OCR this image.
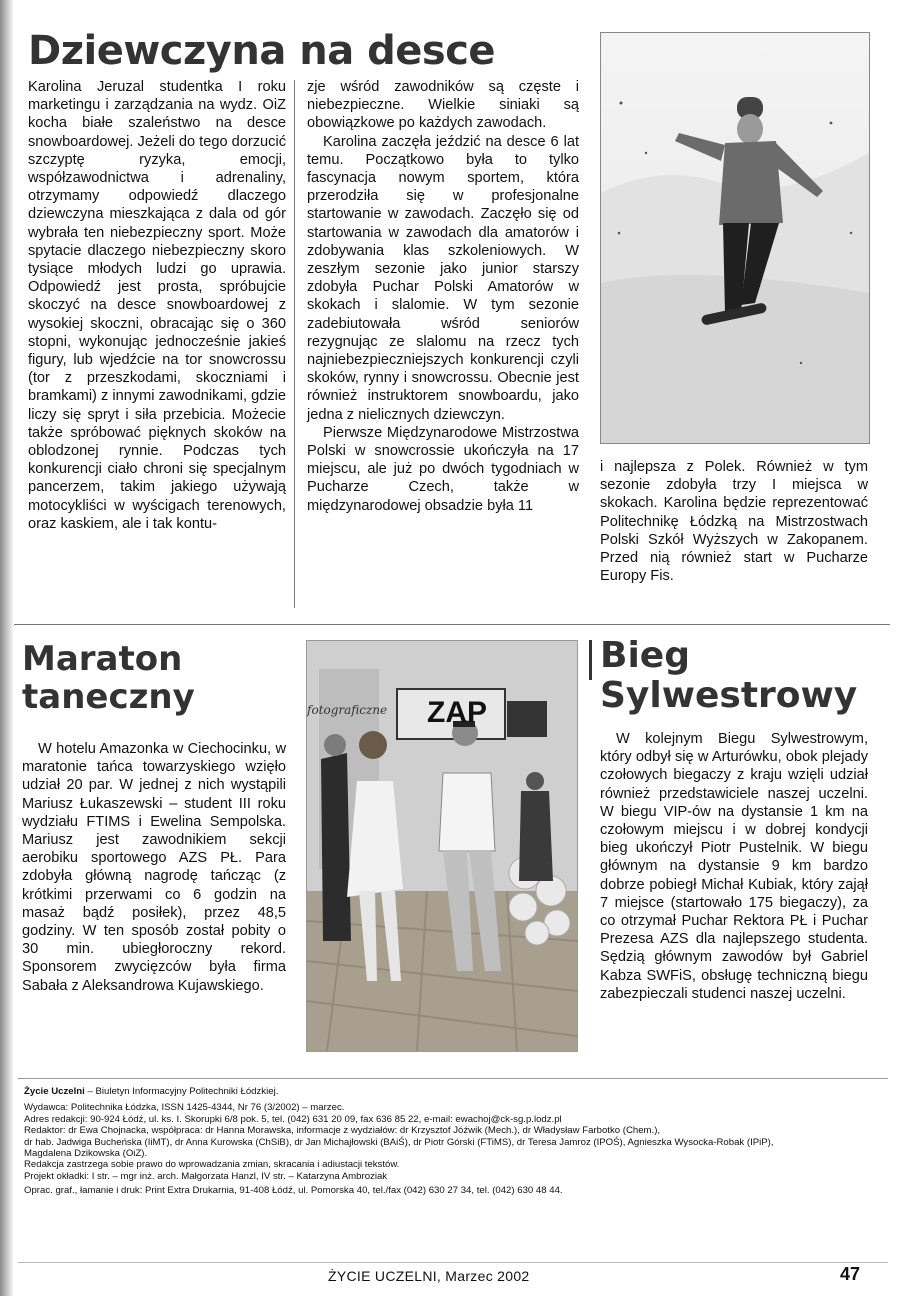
Dziewczyna na desce

Karolina Jeruzal studentka I roku marketingu i zarządzania na wydz. OiZ kocha białe szaleństwo na desce snowboardowej. Jeżeli do tego dorzucić szczyptę ryzyka, emocji, współzawodnictwa i adrenaliny, otrzymamy odpowiedź dlaczego dziewczyna mieszkająca z dala od gór wybrała ten niebezpieczny sport. Może spytacie dlaczego niebezpieczny skoro tysiące młodych ludzi go uprawia. Odpowiedź jest prosta, spróbujcie skoczyć na desce snowboardowej z wysokiej skoczni, obracając się o 360 stopni, wykonując jednocześnie jakieś figury, lub wjedźcie na tor snowcrossu (tor z przeszkodami, skoczniami i bramkami) z innymi zawodnikami, gdzie liczy się spryt i siła przebicia. Możecie także spróbować pięknych skoków na oblodzonej rynnie. Podczas tych konkurencji ciało chroni się specjalnym pancerzem, takim jakiego używają motocykliści w wyścigach terenowych, oraz kaskiem, ale i tak kontu-

zje wśród zawodników są częste i niebezpieczne. Wielkie siniaki są obowiązkowe po każdych zawodach.

Karolina zaczęła jeździć na desce 6 lat temu. Początkowo była to tylko fascynacja nowym sportem, która przerodziła się w profesjonalne startowanie w zawodach. Zaczęło się od startowania w zawodach dla amatorów i zdobywania klas szkoleniowych. W zeszłym sezonie jako junior starszy zdobyła Puchar Polski Amatorów w skokach i slalomie. W tym sezonie zadebiutowała wśród seniorów rezygnując ze slalomu na rzecz tych najniebezpieczniejszych konkurencji czyli skoków, rynny i snowcrossu. Obecnie jest również instruktorem snowboardu, jako jedna z nielicznych dziewczyn.

Pierwsze Międzynarodowe Mistrzostwa Polski w snowcrossie ukończyła na 17 miejscu, ale już po dwóch tygodniach w Pucharze Czech, także w międzynarodowej obsadzie była 11

i najlepsza z Polek. Również w tym sezonie zdobyła trzy I miejsca w skokach. Karolina będzie reprezentować Politechnikę Łódzką na Mistrzostwach Polski Szkół Wyższych w Zakopanem. Przed nią również start w Pucharze Europy Fis.

Maraton
taneczny

W hotelu Amazonka w Ciechocinku, w maratonie tańca towarzyskiego wzięło udział 20 par. W jednej z nich wystąpili Mariusz Łukaszewski – student III roku wydziału FTIMS i Ewelina Sempolska. Mariusz jest zawodnikiem sekcji aerobiku sportowego AZS PŁ. Para zdobyła główną nagrodę tańcząc (z krótkimi przerwami co 6 godzin na masaż bądź posiłek), przez 48,5 godziny. W ten sposób został pobity o 30 min. ubiegłoroczny rekord. Sponsorem zwycięzców była firma Sabała z Aleksandrowa Kujawskiego.

fotograficzne ZAP
Bieg
Sylwestrowy

W kolejnym Biegu Sylwestrowym, który odbył się w Arturówku, obok plejady czołowych biegaczy z kraju wzięli udział również przedstawiciele naszej uczelni. W biegu VIP-ów na dystansie 1 km na czołowym miejscu i w dobrej kondycji bieg ukończył Piotr Pustelnik. W biegu głównym na dystansie 9 km bardzo dobrze pobiegł Michał Kubiak, który zajął 7 miejsce (startowało 175 biegaczy), za co otrzymał Puchar Rektora PŁ i Puchar Prezesa AZS dla najlepszego studenta. Sędzią głównym zawodów był Gabriel Kabza SWFiS, obsługę techniczną biegu zabezpieczali studenci naszej uczelni.

Życie Uczelni – Biuletyn Informacyjny Politechniki Łódzkiej.
Wydawca: Politechnika Łódzka, ISSN 1425-4344, Nr 76 (3/2002) – marzec.
Adres redakcji: 90-924 Łódź, ul. ks. I. Skorupki 6/8 pok. 5, tel. (042) 631 20 09, fax 636 85 22, e-mail: ewachoj@ck-sg.p.lodz.pl
Redaktor: dr Ewa Chojnacka, współpraca: dr Hanna Morawska, informacje z wydziałów: dr Krzysztof Jóźwik (Mech.), dr Władysław Farbotko (Chem.),
dr hab. Jadwiga Bucheńska (IiMT), dr Anna Kurowska (ChSiB), dr Jan Michajłowski (BAiŚ), dr Piotr Górski (FTiMS), dr Teresa Jamroz (IPOŚ), Agnieszka Wysocka-Robak (IPiP),
Magdalena Dzikowska (OiZ).
Redakcja zastrzega sobie prawo do wprowadzania zmian, skracania i adiustacji tekstów.
Projekt okładki: I str. – mgr inż. arch. Małgorzata Hanzl, IV str. – Katarzyna Ambroziak
Oprac. graf., łamanie i druk: Print Extra Drukarnia, 91-408 Łódź, ul. Pomorska 40, tel./fax (042) 630 27 34, tel. (042) 630 48 44.
ŻYCIE UCZELNI, Marzec 2002	47
